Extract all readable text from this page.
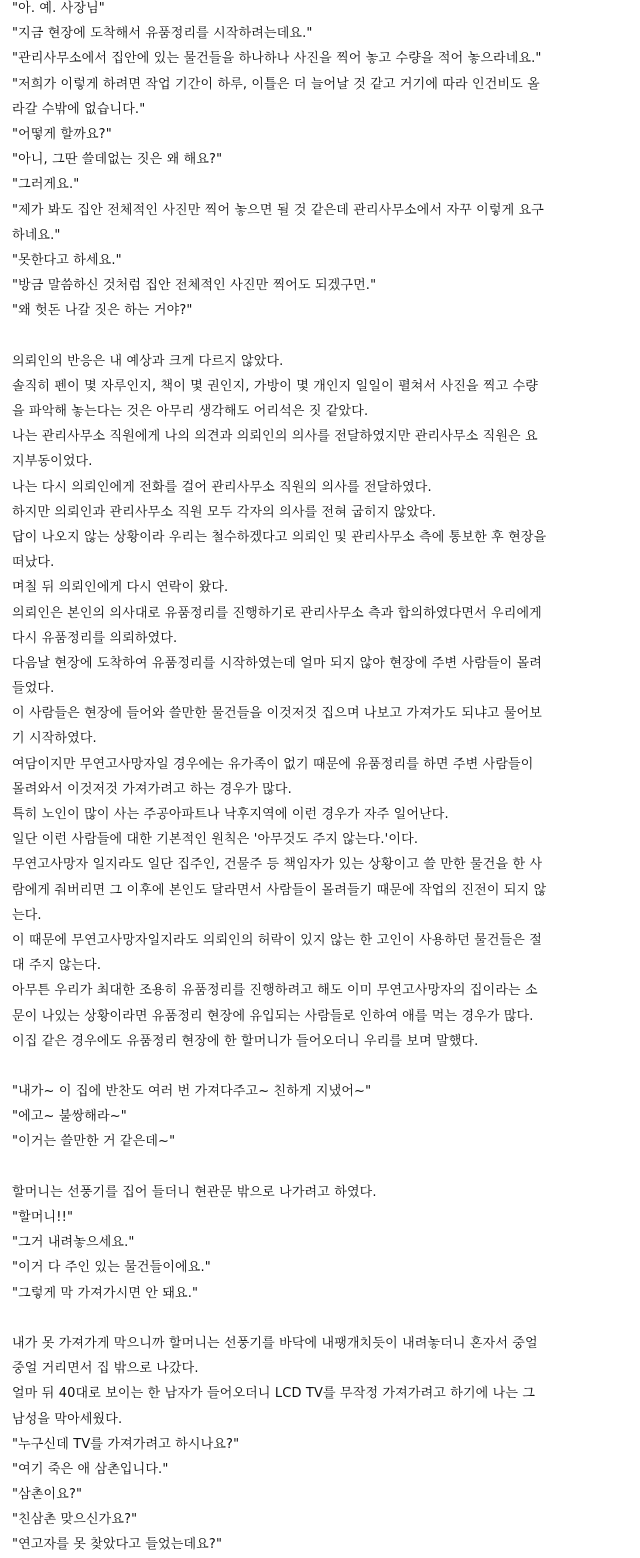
"아. 예. 사장님"
"지금 현장에 도착해서 유품정리를 시작하려는데요."
"관리사무소에서 집안에 있는 물건들을 하나하나 사진을 찍어 놓고 수량을 적어 놓으라네요."
"저희가 이렇게 하려면 작업 기간이 하루, 이틀은 더 늘어날 것 같고 거기에 따라 인건비도 올
라갈 수밖에 없습니다."
"어떻게 할까요?"
"아니, 그딴 쓸데없는 짓은 왜 해요?"
"그러게요."
"제가 봐도 집안 전체적인 사진만 찍어 놓으면 될 것 같은데 관리사무소에서 자꾸 이렇게 요구
하네요."
"못한다고 하세요."
"방금 말씀하신 것처럼 집안 전체적인 사진만 찍어도 되겠구먼."
"왜 헛돈 나갈 짓은 하는 거야?"
의뢰인의 반응은 내 예상과 크게 다르지 않았다.
솔직히 펜이 몇 자루인지, 책이 몇 권인지, 가방이 몇 개인지 일일이 펼쳐서 사진을 찍고 수량
을 파악해 놓는다는 것은 아무리 생각해도 어리석은 짓 같았다.
나는 관리사무소 직원에게 나의 의견과 의뢰인의 의사를 전달하였지만 관리사무소 직원은 요
지부동이었다.
나는 다시 의뢰인에게 전화를 걸어 관리사무소 직원의 의사를 전달하였다.
하지만 의뢰인과 관리사무소 직원 모두 각자의 의사를 전혀 굽히지 않았다.
답이 나오지 않는 상황이라 우리는 철수하겠다고 의뢰인 및 관리사무소 측에 통보한 후 현장을
떠났다.
며칠 뒤 의뢰인에게 다시 연락이 왔다.
의뢰인은 본인의 의사대로 유품정리를 진행하기로 관리사무소 측과 합의하였다면서 우리에게
다시 유품정리를 의뢰하였다.
다음날 현장에 도착하여 유품정리를 시작하였는데 얼마 되지 않아 현장에 주변 사람들이 몰려
들었다.
이 사람들은 현장에 들어와 쓸만한 물건들을 이것저것 집으며 나보고 가져가도 되냐고 물어보
기 시작하였다.
여담이지만 무연고사망자일 경우에는 유가족이 없기 때문에 유품정리를 하면 주변 사람들이
몰려와서 이것저것 가져가려고 하는 경우가 많다.
특히 노인이 많이 사는 주공아파트나 낙후지역에 이런 경우가 자주 일어난다.
일단 이런 사람들에 대한 기본적인 원칙은 '아무것도 주지 않는다.'이다.
무연고사망자 일지라도 일단 집주인, 건물주 등 책임자가 있는 상황이고 쓸 만한 물건을 한 사
람에게 줘버리면 그 이후에 본인도 달라면서 사람들이 몰려들기 때문에 작업의 진전이 되지 않
는다.
이 때문에 무연고사망자일지라도 의뢰인의 허락이 있지 않는 한 고인이 사용하던 물건들은 절
대 주지 않는다.
아무튼 우리가 최대한 조용히 유품정리를 진행하려고 해도 이미 무연고사망자의 집이라는 소
문이 나있는 상황이라면 유품정리 현장에 유입되는 사람들로 인하여 애를 먹는 경우가 많다.
이집 같은 경우에도 유품정리 현장에 한 할머니가 들어오더니 우리를 보며 말했다.
"내가~ 이 집에 반찬도 여러 번 가져다주고~ 친하게 지냈어~"
"에고~ 불쌍해라~"
"이거는 쓸만한 거 같은데~"
할머니는 선풍기를 집어 들더니 현관문 밖으로 나가려고 하였다.
"할머니!!"
"그거 내려놓으세요."
"이거 다 주인 있는 물건들이에요."
"그렇게 막 가져가시면 안 돼요."
내가 못 가져가게 막으니까 할머니는 선풍기를 바닥에 내팽개치듯이 내려놓더니 혼자서 중얼
중얼 거리면서 집 밖으로 나갔다.
얼마 뒤 40대로 보이는 한 남자가 들어오더니 LCD TV를 무작정 가져가려고 하기에 나는 그
남성을 막아세웠다.
"누구신데 TV를 가져가려고 하시나요?"
"여기 죽은 애 삼촌입니다."
"삼촌이요?"
"친삼촌 맞으신가요?"
"연고자를 못 찾았다고 들었는데요?"
